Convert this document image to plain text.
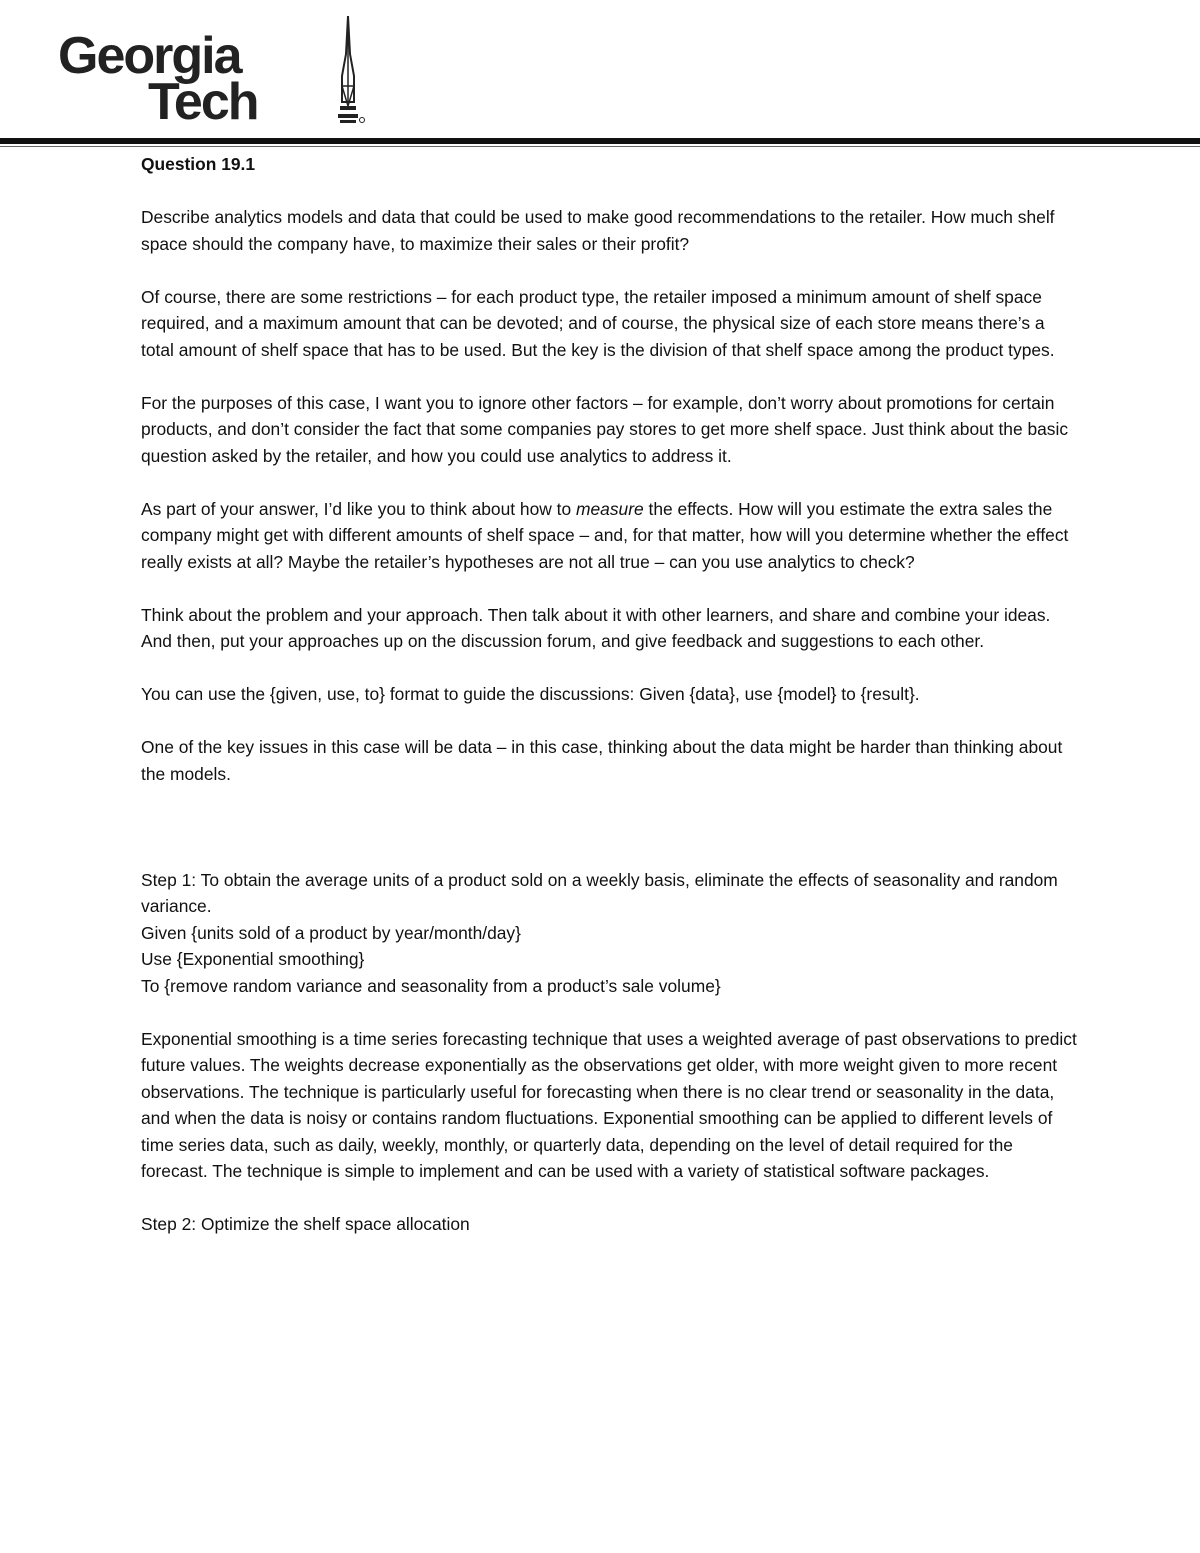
Georgia
Tech

Question 19.1

Describe analytics models and data that could be used to make good recommendations to the retailer. How much shelf space should the company have, to maximize their sales or their profit?

Of course, there are some restrictions – for each product type, the retailer imposed a minimum amount of shelf space required, and a maximum amount that can be devoted; and of course, the physical size of each store means there’s a total amount of shelf space that has to be used. But the key is the division of that shelf space among the product types.

For the purposes of this case, I want you to ignore other factors – for example, don’t worry about promotions for certain products, and don’t consider the fact that some companies pay stores to get more shelf space. Just think about the basic question asked by the retailer, and how you could use analytics to address it.

As part of your answer, I’d like you to think about how to measure the effects. How will you estimate the extra sales the company might get with different amounts of shelf space – and, for that matter, how will you determine whether the effect really exists at all? Maybe the retailer’s hypotheses are not all true – can you use analytics to check?

Think about the problem and your approach. Then talk about it with other learners, and share and combine your ideas. And then, put your approaches up on the discussion forum, and give feedback and suggestions to each other.

You can use the {given, use, to} format to guide the discussions: Given {data}, use {model} to {result}.

One of the key issues in this case will be data – in this case, thinking about the data might be harder than thinking about the models.

Step 1: To obtain the average units of a product sold on a weekly basis, eliminate the effects of seasonality and random variance.
Given {units sold of a product by year/month/day}
Use {Exponential smoothing}
To {remove random variance and seasonality from a product’s sale volume}

Exponential smoothing is a time series forecasting technique that uses a weighted average of past observations to predict future values. The weights decrease exponentially as the observations get older, with more weight given to more recent observations. The technique is particularly useful for forecasting when there is no clear trend or seasonality in the data, and when the data is noisy or contains random fluctuations. Exponential smoothing can be applied to different levels of time series data, such as daily, weekly, monthly, or quarterly data, depending on the level of detail required for the forecast. The technique is simple to implement and can be used with a variety of statistical software packages.

Step 2: Optimize the shelf space allocation
